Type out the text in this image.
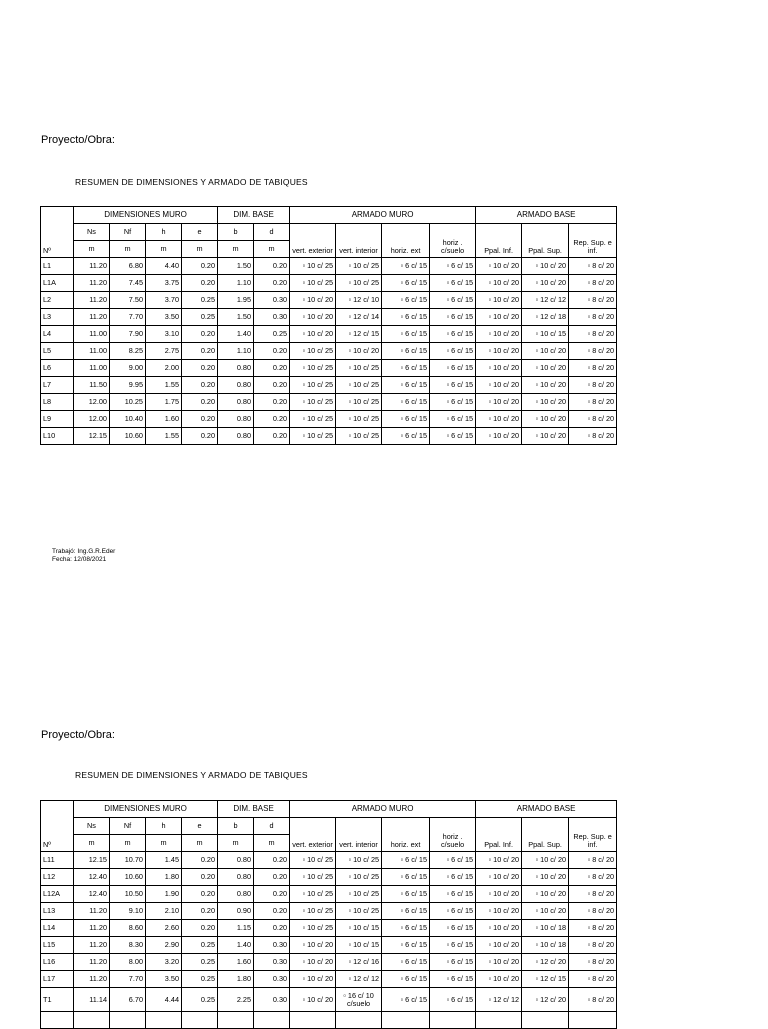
Proyecto/Obra:
RESUMEN DE DIMENSIONES Y ARMADO DE TABIQUES
Nº	DIMENSIONES MURO				DIM. BASE		ARMADO MURO				ARMADO BASE		
	Ns	Nf	h	e	b	d	vert. exterior	vert. interior	horiz. ext	horiz . c/suelo	Ppal. Inf.	Ppal. Sup.	Rep. Sup. e inf.
	m	m	m	m	m	m							
L1	11.20	6.80	4.40	0.20	1.50	0.20	▫ 10 c/ 25	▫ 10 c/ 25	▫ 6 c/ 15	▫ 6 c/ 15	▫ 10 c/ 20	▫ 10 c/ 20	▫ 8 c/ 20
L1A	11.20	7.45	3.75	0.20	1.10	0.20	▫ 10 c/ 25	▫ 10 c/ 25	▫ 6 c/ 15	▫ 6 c/ 15	▫ 10 c/ 20	▫ 10 c/ 20	▫ 8 c/ 20
L2	11.20	7.50	3.70	0.25	1.95	0.30	▫ 10 c/ 20	▫ 12 c/ 10	▫ 6 c/ 15	▫ 6 c/ 15	▫ 10 c/ 20	▫ 12 c/ 12	▫ 8 c/ 20
L3	11.20	7.70	3.50	0.25	1.50	0.30	▫ 10 c/ 20	▫ 12 c/ 14	▫ 6 c/ 15	▫ 6 c/ 15	▫ 10 c/ 20	▫ 12 c/ 18	▫ 8 c/ 20
L4	11.00	7.90	3.10	0.20	1.40	0.25	▫ 10 c/ 20	▫ 12 c/ 15	▫ 6 c/ 15	▫ 6 c/ 15	▫ 10 c/ 20	▫ 10 c/ 15	▫ 8 c/ 20
L5	11.00	8.25	2.75	0.20	1.10	0.20	▫ 10 c/ 25	▫ 10 c/ 20	▫ 6 c/ 15	▫ 6 c/ 15	▫ 10 c/ 20	▫ 10 c/ 20	▫ 8 c/ 20
L6	11.00	9.00	2.00	0.20	0.80	0.20	▫ 10 c/ 25	▫ 10 c/ 25	▫ 6 c/ 15	▫ 6 c/ 15	▫ 10 c/ 20	▫ 10 c/ 20	▫ 8 c/ 20
L7	11.50	9.95	1.55	0.20	0.80	0.20	▫ 10 c/ 25	▫ 10 c/ 25	▫ 6 c/ 15	▫ 6 c/ 15	▫ 10 c/ 20	▫ 10 c/ 20	▫ 8 c/ 20
L8	12.00	10.25	1.75	0.20	0.80	0.20	▫ 10 c/ 25	▫ 10 c/ 25	▫ 6 c/ 15	▫ 6 c/ 15	▫ 10 c/ 20	▫ 10 c/ 20	▫ 8 c/ 20
L9	12.00	10.40	1.60	0.20	0.80	0.20	▫ 10 c/ 25	▫ 10 c/ 25	▫ 6 c/ 15	▫ 6 c/ 15	▫ 10 c/ 20	▫ 10 c/ 20	▫ 8 c/ 20
L10	12.15	10.60	1.55	0.20	0.80	0.20	▫ 10 c/ 25	▫ 10 c/ 25	▫ 6 c/ 15	▫ 6 c/ 15	▫ 10 c/ 20	▫ 10 c/ 20	▫ 8 c/ 20
Trabajó: Ing.G.R.Eder
Fecha: 12/08/2021
Proyecto/Obra:
RESUMEN DE DIMENSIONES Y ARMADO DE TABIQUES
Nº	DIMENSIONES MURO				DIM. BASE		ARMADO MURO				ARMADO BASE		
	Ns	Nf	h	e	b	d	vert. exterior	vert. interior	horiz. ext	horiz . c/suelo	Ppal. Inf.	Ppal. Sup.	Rep. Sup. e inf.
	m	m	m	m	m	m							
L11	12.15	10.70	1.45	0.20	0.80	0.20	▫ 10 c/ 25	▫ 10 c/ 25	▫ 6 c/ 15	▫ 6 c/ 15	▫ 10 c/ 20	▫ 10 c/ 20	▫ 8 c/ 20
L12	12.40	10.60	1.80	0.20	0.80	0.20	▫ 10 c/ 25	▫ 10 c/ 25	▫ 6 c/ 15	▫ 6 c/ 15	▫ 10 c/ 20	▫ 10 c/ 20	▫ 8 c/ 20
L12A	12.40	10.50	1.90	0.20	0.80	0.20	▫ 10 c/ 25	▫ 10 c/ 25	▫ 6 c/ 15	▫ 6 c/ 15	▫ 10 c/ 20	▫ 10 c/ 20	▫ 8 c/ 20
L13	11.20	9.10	2.10	0.20	0.90	0.20	▫ 10 c/ 25	▫ 10 c/ 25	▫ 6 c/ 15	▫ 6 c/ 15	▫ 10 c/ 20	▫ 10 c/ 20	▫ 8 c/ 20
L14	11.20	8.60	2.60	0.20	1.15	0.20	▫ 10 c/ 25	▫ 10 c/ 15	▫ 6 c/ 15	▫ 6 c/ 15	▫ 10 c/ 20	▫ 10 c/ 18	▫ 8 c/ 20
L15	11.20	8.30	2.90	0.25	1.40	0.30	▫ 10 c/ 20	▫ 10 c/ 15	▫ 6 c/ 15	▫ 6 c/ 15	▫ 10 c/ 20	▫ 10 c/ 18	▫ 8 c/ 20
L16	11.20	8.00	3.20	0.25	1.60	0.30	▫ 10 c/ 20	▫ 12 c/ 16	▫ 6 c/ 15	▫ 6 c/ 15	▫ 10 c/ 20	▫ 12 c/ 20	▫ 8 c/ 20
L17	11.20	7.70	3.50	0.25	1.80	0.30	▫ 10 c/ 20	▫ 12 c/ 12	▫ 6 c/ 15	▫ 6 c/ 15	▫ 10 c/ 20	▫ 12 c/ 15	▫ 8 c/ 20
T1	11.14	6.70	4.44	0.25	2.25	0.30	▫ 10 c/ 20	▫ 16 c/ 10 c/suelo	▫ 6 c/ 15	▫ 6 c/ 15	▫ 12 c/ 12	▫ 12 c/ 20	▫ 8 c/ 20
